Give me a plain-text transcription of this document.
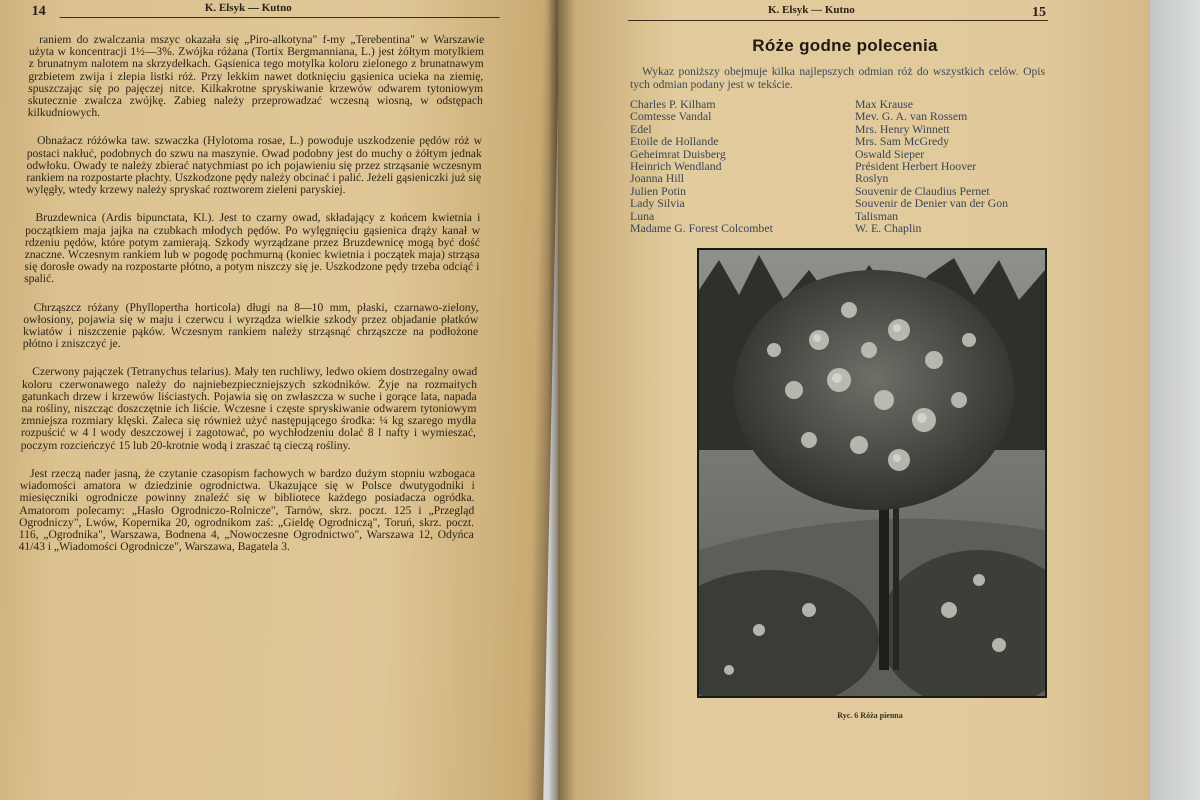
K. Elsyk — Kutno
14

raniem do zwalczania mszyc okazała się „Piro-alkotyna" f-my „Terebentina" w Warszawie użyta w koncentracji 1½—3%. Zwójka różana (Tortix Bergmanniana, L.) jest żółtym motylkiem z brunatnym nalotem na skrzydełkach. Gąsienica tego motylka koloru zielonego z brunatnawym grzbietem zwija i zlepia listki róż. Przy lekkim nawet dotknięciu gąsienica ucieka na ziemię, spuszczając się po pajęczej nitce. Kilkakrotne spryskiwanie krzewów odwarem tytoniowym skutecznie zwalcza zwójkę. Zabieg należy przeprowadzać wczesną wiosną, w odstępach kilkudniowych.

Obnażacz różówka taw. szwaczka (Hylotoma rosae, L.) powoduje uszkodzenie pędów róż w postaci nakłuć, podobnych do szwu na maszynie. Owad podobny jest do muchy o żółtym jednak odwłoku. Owady te należy zbierać natychmiast po ich pojawieniu się przez strząsanie wczesnym rankiem na rozpostarte płachty. Uszkodzone pędy należy obcinać i palić. Jeżeli gąsieniczki już się wylęgły, wtedy krzewy należy spryskać roztworem zieleni paryskiej.

Bruzdewnica (Ardis bipunctata, Kl.). Jest to czarny owad, składający z końcem kwietnia i początkiem maja jajka na czubkach młodych pędów. Po wylęgnięciu gąsienica drąży kanał w rdzeniu pędów, które potym zamierają. Szkody wyrządzane przez Bruzdewnicę mogą być dość znaczne. Wczesnym rankiem lub w pogodę pochmurną (koniec kwietnia i początek maja) strząsa się dorosłe owady na rozpostarte płótno, a potym niszczy się je. Uszkodzone pędy trzeba odciąć i spalić.

Chrząszcz różany (Phyllopertha horticola) długi na 8—10 mm, płaski, czarnawo-zielony, owłosiony, pojawia się w maju i czerwcu i wyrządza wielkie szkody przez objadanie płatków kwiatów i niszczenie pąków. Wczesnym rankiem należy strząsnąć chrząszcze na podłożone płótno i zniszczyć je.

Czerwony pajączek (Tetranychus telarius). Mały ten ruchliwy, ledwo okiem dostrzegalny owad koloru czerwonawego należy do najniebezpieczniejszych szkodników. Żyje na rozmaitych gatunkach drzew i krzewów liściastych. Pojawia się on zwłaszcza w suche i gorące lata, napada na rośliny, niszcząc doszczętnie ich liście. Wczesne i częste spryskiwanie odwarem tytoniowym zmniejsza rozmiary klęski. Zaleca się również użyć następującego środka: ¼ kg szarego mydła rozpuścić w 4 l wody deszczowej i zagotować, po wychłodzeniu dolać 8 l nafty i wymieszać, poczym rozcieńczyć 15 lub 20-krotnie wodą i zraszać tą cieczą rośliny.

Jest rzeczą nader jasną, że czytanie czasopism fachowych w bardzo dużym stopniu wzbogaca wiadomości amatora w dziedzinie ogrodnictwa. Ukazujące się w Polsce dwutygodniki i miesięczniki ogrodnicze powinny znaleźć się w bibliotece każdego posiadacza ogródka. Amatorom polecamy: „Hasło Ogrodniczo-Rolnicze", Tarnów, skrz. poczt. 125 i „Przegląd Ogrodniczy", Lwów, Kopernika 20, ogrodnikom zaś: „Gieldę Ogrodniczą", Toruń, skrz. poczt. 116, „Ogrodnika", Warszawa, Bodnena 4, „Nowoczesne Ogrodnictwo", Warszawa 12, Odyńca 41/43 i „Wiadomości Ogrodnicze", Warszawa, Bagatela 3.

K. Elsyk — Kutno	15
Róże godne polecenia
Wykaz poniższy obejmuje kilka najlepszych odmian róż do wszystkich celów. Opis tych odmian podany jest w tekście.
Charles P. Kilham
Comtesse Vandal
Edel
Etoile de Hollande
Geheimrat Duisberg
Heinrich Wendland
Joanna Hill
Julien Potin
Lady Silvia
Luna
Madame G. Forest Colcombet
Max Krause
Mev. G. A. van Rossem
Mrs. Henry Winnett
Mrs. Sam McGredy
Oswald Sieper
Président Herbert Hoover
Roslyn
Souvenir de Claudius Pernet
Souvenir de Denier van der Gon
Talisman
W. E. Chaplin
Ryc. 6 Róża pienna
